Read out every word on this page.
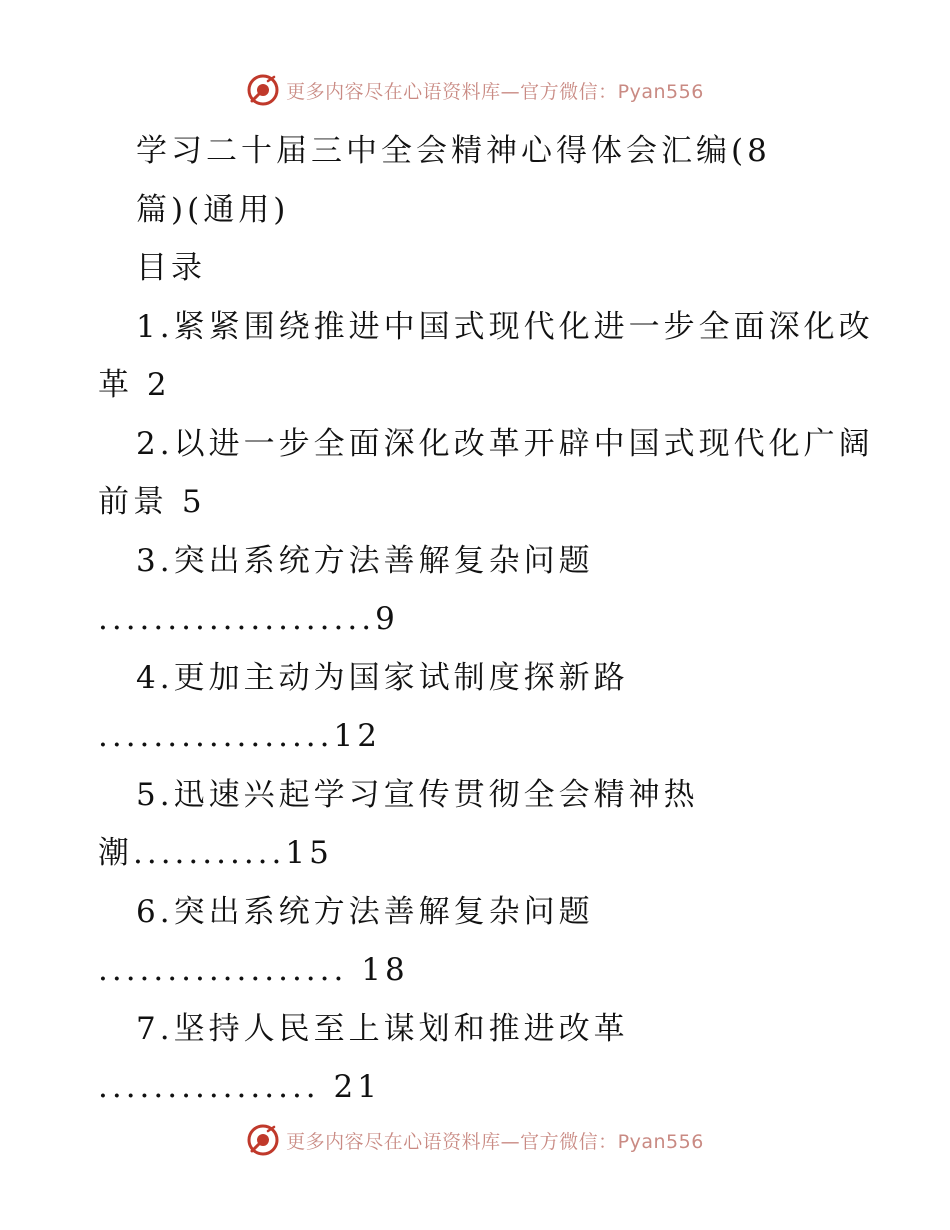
更多内容尽在心语资料库—官方微信：Pyan556
学习二十届三中全会精神心得体会汇编(8
篇)(通用)
目录
1.紧紧围绕推进中国式现代化进一步全面深化改
革 2
2.以进一步全面深化改革开辟中国式现代化广阔
前景 5
3.突出系统方法善解复杂问题
....................9
4.更加主动为国家试制度探新路
.................12
5.迅速兴起学习宣传贯彻全会精神热
潮...........15
6.突出系统方法善解复杂问题
.................. 18
7.坚持人民至上谋划和推进改革
................ 21
更多内容尽在心语资料库—官方微信：Pyan556
